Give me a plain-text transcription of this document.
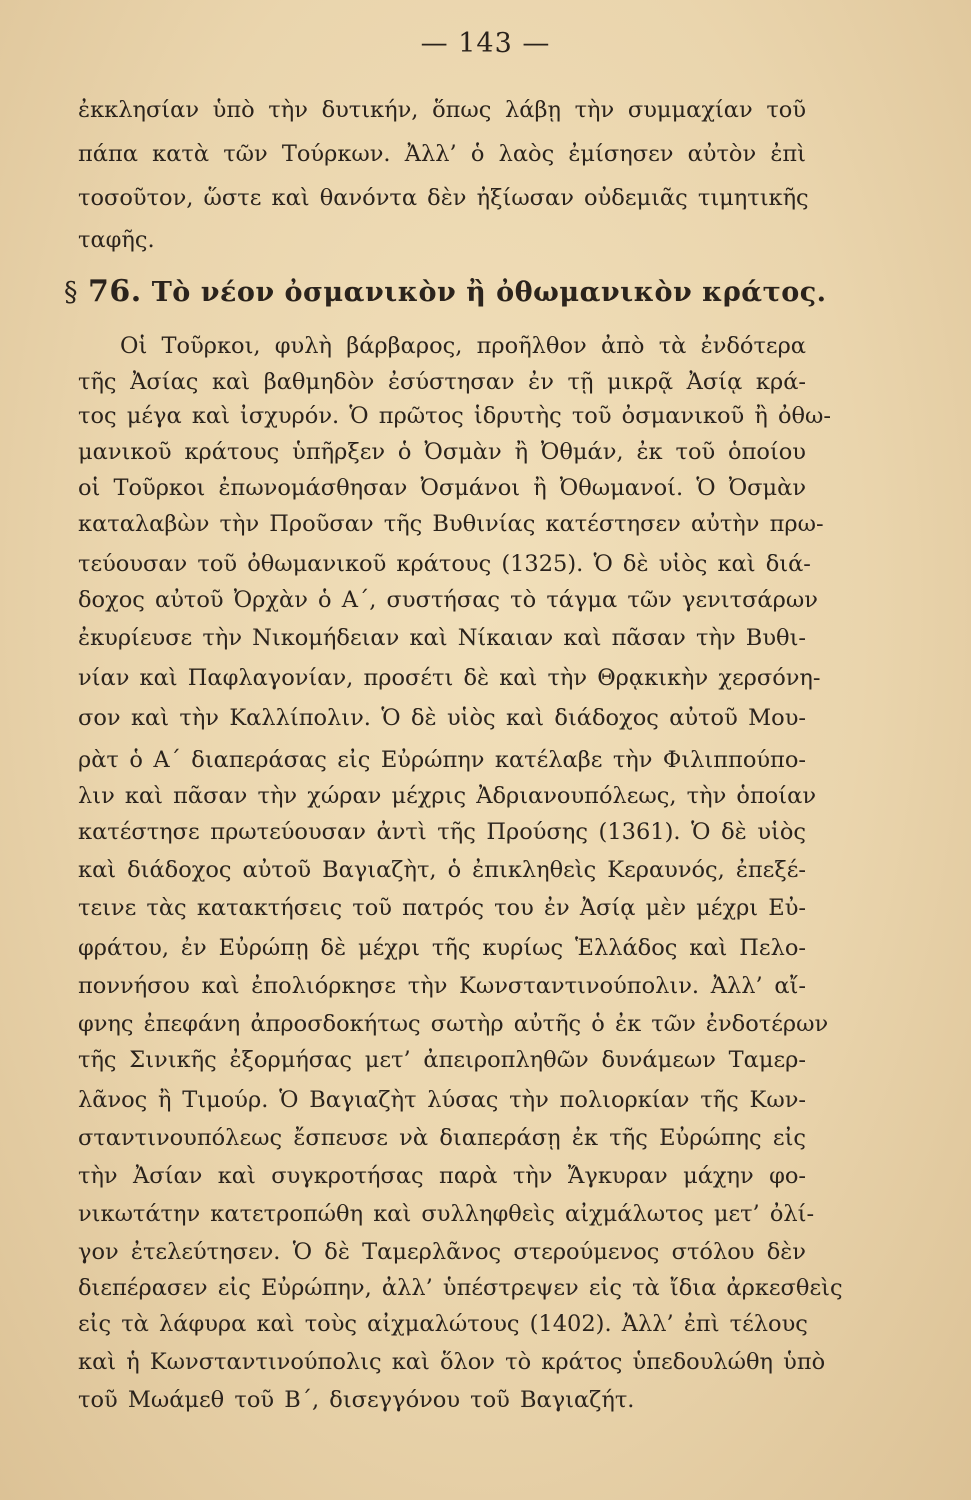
— 143 —
ἐκκλησίαν ὑπὸ τὴν δυτικήν, ὅπως λάβῃ τὴν συμμαχίαν τοῦ
πάπα κατὰ τῶν Τούρκων. Ἀλλ’ ὁ λαὸς ἐμίσησεν αὐτὸν ἐπὶ
τοσοῦτον, ὥστε καὶ θανόντα δὲν ἠξίωσαν οὐδεμιᾶς τιμητικῆς
ταφῆς.
§ 76. Τὸ νέον ὀσμανικὸν ἢ ὀθωμανικὸν κράτος.
Οἱ Τοῦρκοι, φυλὴ βάρβαρος, προῆλθον ἀπὸ τὰ ἐνδότερα
τῆς Ἀσίας καὶ βαθμηδὸν ἐσύστησαν ἐν τῇ μικρᾷ Ἀσίᾳ κρά-
τος μέγα καὶ ἰσχυρόν. Ὁ πρῶτος ἱδρυτὴς τοῦ ὀσμανικοῦ ἢ ὀθω-
μανικοῦ κράτους ὑπῆρξεν ὁ Ὀσμὰν ἢ Ὀθμάν, ἐκ τοῦ ὁποίου
οἱ Τοῦρκοι ἐπωνομάσθησαν Ὀσμάνοι ἢ Ὀθωμανοί. Ὁ Ὀσμὰν
καταλαβὼν τὴν Προῦσαν τῆς Βυθινίας κατέστησεν αὐτὴν πρω-
τεύουσαν τοῦ ὀθωμανικοῦ κράτους (1325). Ὁ δὲ υἱὸς καὶ διά-
δοχος αὐτοῦ Ὀρχὰν ὁ Α΄, συστήσας τὸ τάγμα τῶν γενιτσάρων
ἐκυρίευσε τὴν Νικομήδειαν καὶ Νίκαιαν καὶ πᾶσαν τὴν Βυθι-
νίαν καὶ Παφλαγονίαν, προσέτι δὲ καὶ τὴν Θρᾳκικὴν χερσόνη-
σον καὶ τὴν Καλλίπολιν. Ὁ δὲ υἱὸς καὶ διάδοχος αὐτοῦ Μου-
ρὰτ ὁ Α΄ διαπεράσας εἰς Εὐρώπην κατέλαβε τὴν Φιλιππούπο-
λιν καὶ πᾶσαν τὴν χώραν μέχρις Ἀδριανουπόλεως, τὴν ὁποίαν
κατέστησε πρωτεύουσαν ἀντὶ τῆς Προύσης (1361). Ὁ δὲ υἱὸς
καὶ διάδοχος αὐτοῦ Βαγιαζὴτ, ὁ ἐπικληθεὶς Κεραυνός, ἐπεξέ-
τεινε τὰς κατακτήσεις τοῦ πατρός του ἐν Ἀσίᾳ μὲν μέχρι Εὐ-
φράτου, ἐν Εὐρώπῃ δὲ μέχρι τῆς κυρίως Ἑλλάδος καὶ Πελο-
ποννήσου καὶ ἐπολιόρκησε τὴν Κωνσταντινούπολιν. Ἀλλ’ αἴ-
φνης ἐπεφάνη ἀπροσδοκήτως σωτὴρ αὐτῆς ὁ ἐκ τῶν ἐνδοτέρων
τῆς Σινικῆς ἐξορμήσας μετ’ ἀπειροπληθῶν δυνάμεων Ταμερ-
λᾶνος ἢ Τιμούρ. Ὁ Βαγιαζὴτ λύσας τὴν πολιορκίαν τῆς Κων-
σταντινουπόλεως ἔσπευσε νὰ διαπεράσῃ ἐκ τῆς Εὐρώπης εἰς
τὴν Ἀσίαν καὶ συγκροτήσας παρὰ τὴν Ἄγκυραν μάχην φο-
νικωτάτην κατετροπώθη καὶ συλληφθεὶς αἰχμάλωτος μετ’ ὀλί-
γον ἐτελεύτησεν. Ὁ δὲ Ταμερλᾶνος στερούμενος στόλου δὲν
διεπέρασεν εἰς Εὐρώπην, ἀλλ’ ὑπέστρεψεν εἰς τὰ ἴδια ἀρκεσθεὶς
εἰς τὰ λάφυρα καὶ τοὺς αἰχμαλώτους (1402). Ἀλλ’ ἐπὶ τέλους
καὶ ἡ Κωνσταντινούπολις καὶ ὅλον τὸ κράτος ὑπεδουλώθη ὑπὸ
τοῦ Μωάμεθ τοῦ Β΄, δισεγγόνου τοῦ Βαγιαζήτ.
